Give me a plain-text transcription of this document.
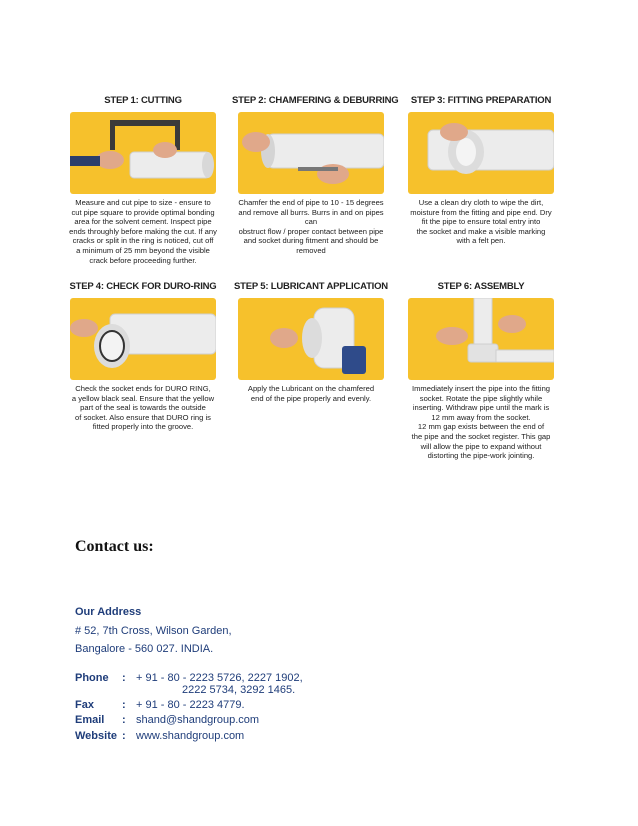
STEP 1: CUTTING
Measure and cut pipe to size - ensure to
cut pipe square to provide optimal bonding
area for the solvent cement. Inspect pipe
ends throughly before making the cut. If any
cracks or split in the ring is noticed, cut off
a minimum of 25 mm beyond the visible
crack before proceeding further.
STEP 2: CHAMFERING & DEBURRING
Chamfer the end of pipe to 10 - 15 degrees
and remove all burrs. Burrs in and on pipes can
obstruct flow / proper contact between pipe
and socket during fitment and should be
removed
STEP 3: FITTING PREPARATION
Use a clean dry cloth to wipe the dirt,
moisture from the fitting and pipe end. Dry
fit the pipe to ensure total entry into
the socket and make a visible marking
with a felt pen.
STEP 4: CHECK FOR DURO-RING
Check the socket ends for DURO RING,
a yellow black seal. Ensure that the yellow
part of the seal is towards the outside
of socket. Also ensure that DURO ring is
fitted properly into the groove.
STEP 5: LUBRICANT APPLICATION
Apply the Lubricant on the chamfered
end of the pipe properly and evenly.
STEP 6: ASSEMBLY
Immediately insert the pipe into the fitting
socket. Rotate the pipe slightly while
inserting. Withdraw pipe until the mark is
12 mm away from the socket.
12 mm gap exists between the end of
the pipe and the socket register. This gap
will allow the pipe to expand without
distorting the pipe-work jointing.
Contact us:
Our Address
# 52, 7th Cross, Wilson Garden,
Bangalore - 560 027. INDIA.
Phone : + 91 - 80 - 2223 5726, 2227 1902,
2222 5734, 3292 1465.
Fax	: + 91 - 80 - 2223 4779.
Email : shand@shandgroup.com
Website : www.shandgroup.com
